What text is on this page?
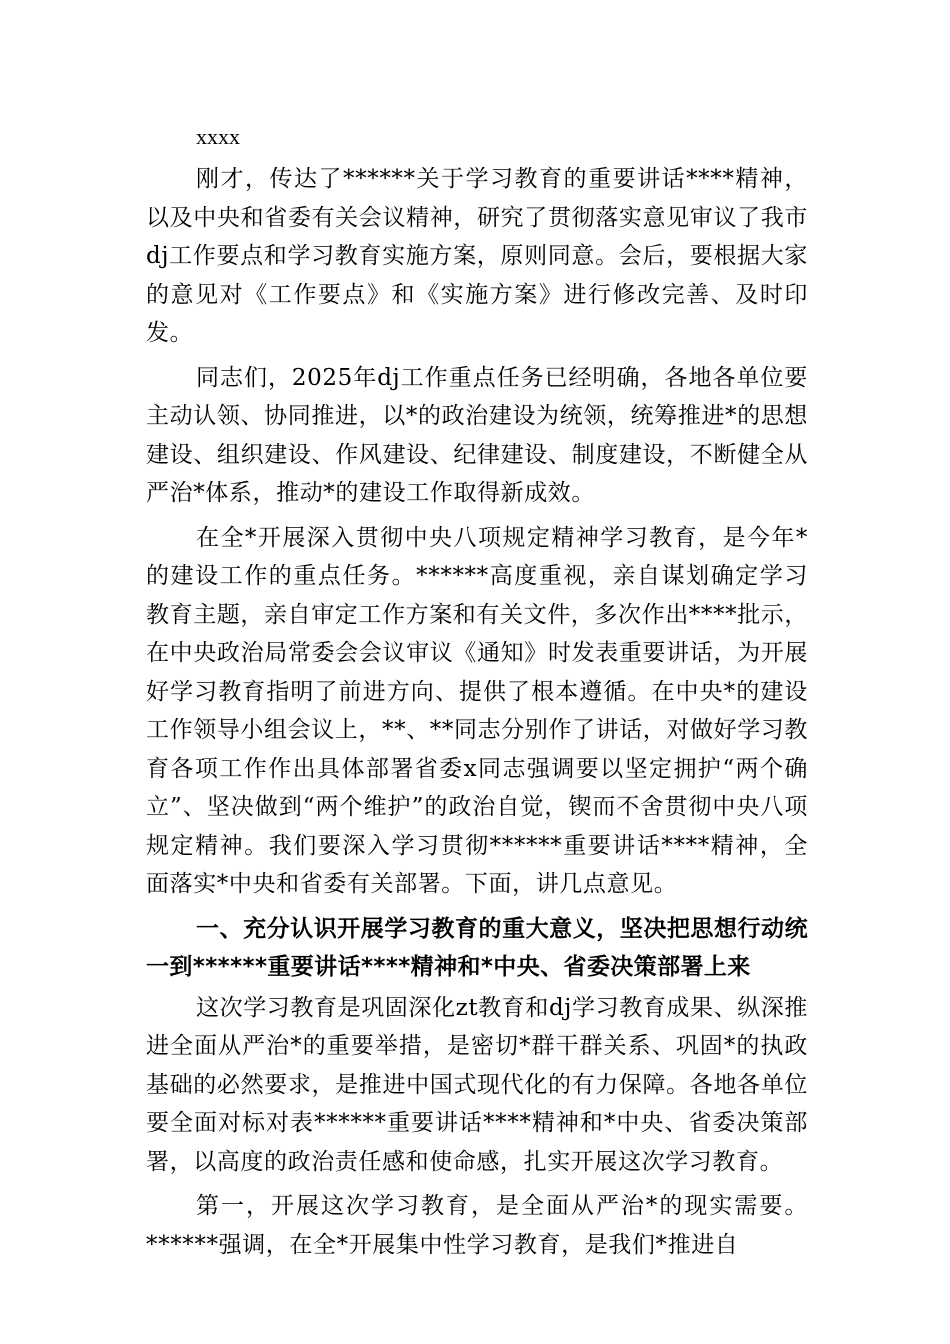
xxxx

刚才，传达了******关于学习教育的重要讲话****精神，以及中央和省委有关会议精神，研究了贯彻落实意见审议了我市dj工作要点和学习教育实施方案，原则同意。会后，要根据大家的意见对《工作要点》和《实施方案》进行修改完善、及时印发。

同志们，2025年dj工作重点任务已经明确，各地各单位要主动认领、协同推进，以*的政治建设为统领，统筹推进*的思想建设、组织建设、作风建设、纪律建设、制度建设，不断健全从严治*体系，推动*的建设工作取得新成效。

在全*开展深入贯彻中央八项规定精神学习教育，是今年*的建设工作的重点任务。******高度重视，亲自谋划确定学习教育主题，亲自审定工作方案和有关文件，多次作出****批示，在中央政治局常委会会议审议《通知》时发表重要讲话，为开展好学习教育指明了前进方向、提供了根本遵循。在中央*的建设工作领导小组会议上，**、**同志分别作了讲话，对做好学习教育各项工作作出具体部署省委x同志强调要以坚定拥护“两个确立”、坚决做到“两个维护”的政治自觉，锲而不舍贯彻中央八项规定精神。我们要深入学习贯彻******重要讲话****精神，全面落实*中央和省委有关部署。下面，讲几点意见。

一、充分认识开展学习教育的重大意义，坚决把思想行动统一到******重要讲话****精神和*中央、省委决策部署上来

这次学习教育是巩固深化zt教育和dj学习教育成果、纵深推进全面从严治*的重要举措，是密切*群干群关系、巩固*的执政基础的必然要求，是推进中国式现代化的有力保障。各地各单位要全面对标对表******重要讲话****精神和*中央、省委决策部署，以高度的政治责任感和使命感，扎实开展这次学习教育。

第一，开展这次学习教育，是全面从严治*的现实需要。******强调，在全*开展集中性学习教育，是我们*推进自
